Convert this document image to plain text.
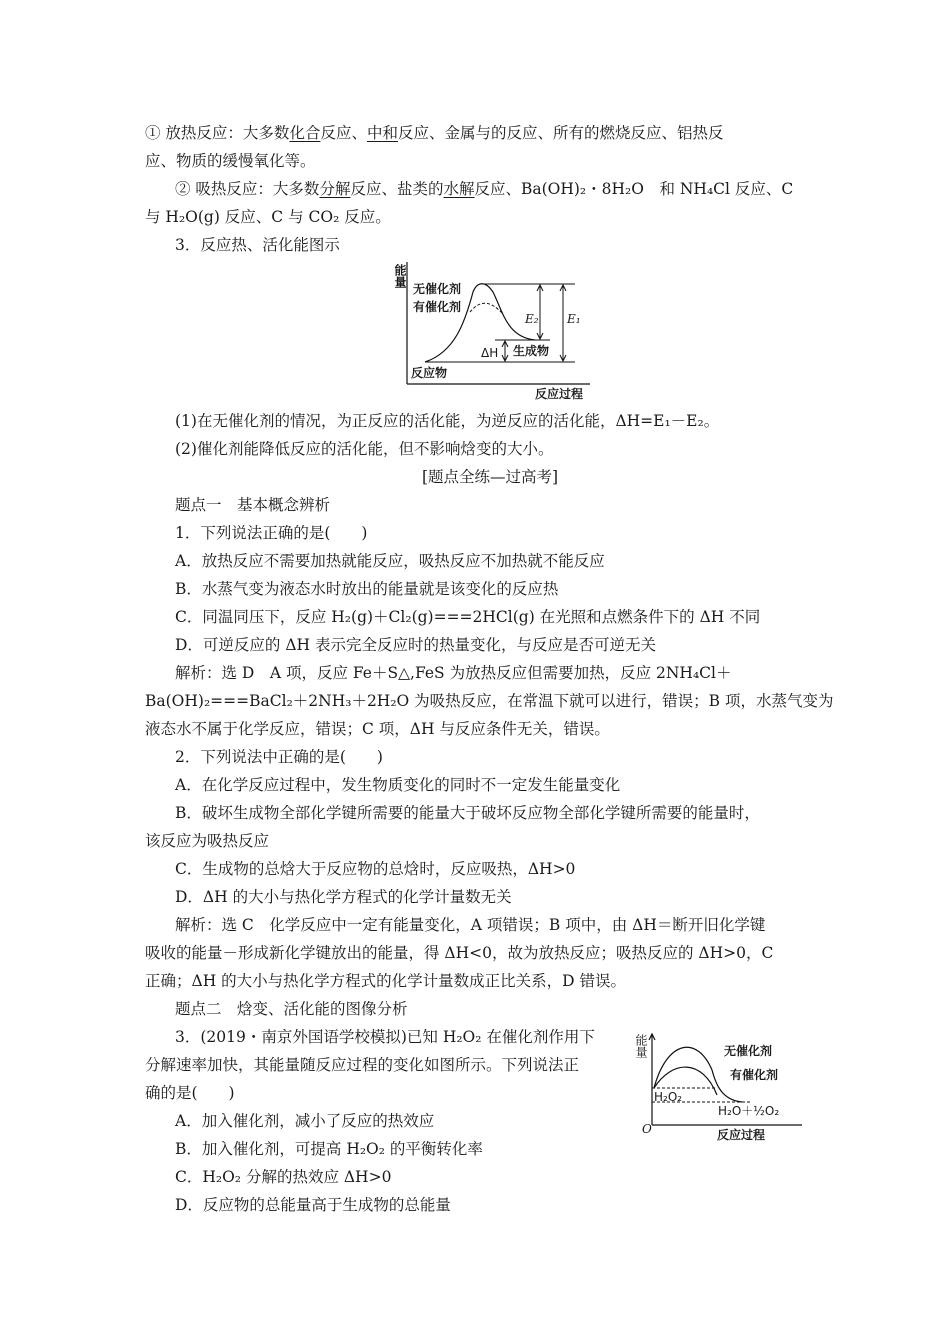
① 放热反应：大多数化合反应、中和反应、金属与的反应、所有的燃烧反应、铝热反
应、物质的缓慢氧化等。
② 吸热反应：大多数分解反应、盐类的水解反应、Ba(OH)₂・8H₂O　和 NH₄Cl 反应、C
与 H₂O(g) 反应、C 与 CO₂ 反应。
3．反应热、活化能图示
能量
无催化剂
有催化剂
E₂ E₁
ΔH 生成物
反应物
反应过程
(1)在无催化剂的情况，为正反应的活化能，为逆反应的活化能，ΔH=E₁－E₂。
(2)催化剂能降低反应的活化能，但不影响焓变的大小。
[题点全练—过高考]
题点一　基本概念辨析
1．下列说法正确的是(　　)
A．放热反应不需要加热就能反应，吸热反应不加热就不能反应
B．水蒸气变为液态水时放出的能量就是该变化的反应热
C．同温同压下，反应 H₂(g)＋Cl₂(g)===2HCl(g) 在光照和点燃条件下的 ΔH 不同
D．可逆反应的 ΔH 表示完全反应时的热量变化，与反应是否可逆无关
解析：选 D　A 项，反应 Fe＋S△,FeS 为放热反应但需要加热，反应 2NH₄Cl＋
Ba(OH)₂===BaCl₂＋2NH₃＋2H₂O 为吸热反应，在常温下就可以进行，错误；B 项，水蒸气变为
液态水不属于化学反应，错误；C 项，ΔH 与反应条件无关，错误。
2．下列说法中正确的是(　　)
A．在化学反应过程中，发生物质变化的同时不一定发生能量变化
B．破坏生成物全部化学键所需要的能量大于破坏反应物全部化学键所需要的能量时，
该反应为吸热反应
C．生成物的总焓大于反应物的总焓时，反应吸热，ΔH>0
D．ΔH 的大小与热化学方程式的化学计量数无关
解析：选 C　化学反应中一定有能量变化，A 项错误；B 项中，由 ΔH＝断开旧化学键
吸收的能量－形成新化学键放出的能量，得 ΔH<0，故为放热反应；吸热反应的 ΔH>0，C
正确；ΔH 的大小与热化学方程式的化学计量数成正比关系，D 错误。
题点二　焓变、活化能的图像分析
3．(2019・南京外国语学校模拟)已知 H₂O₂ 在催化剂作用下
分解速率加快，其能量随反应过程的变化如图所示。下列说法正
确的是(　　)
A．加入催化剂，减小了反应的热效应
B．加入催化剂，可提高 H₂O₂ 的平衡转化率
C．H₂O₂ 分解的热效应 ΔH>0
D．反应物的总能量高于生成物的总能量
能量
O
无催化剂
有催化剂
H₂O₂
H₂O＋½O₂
反应过程
